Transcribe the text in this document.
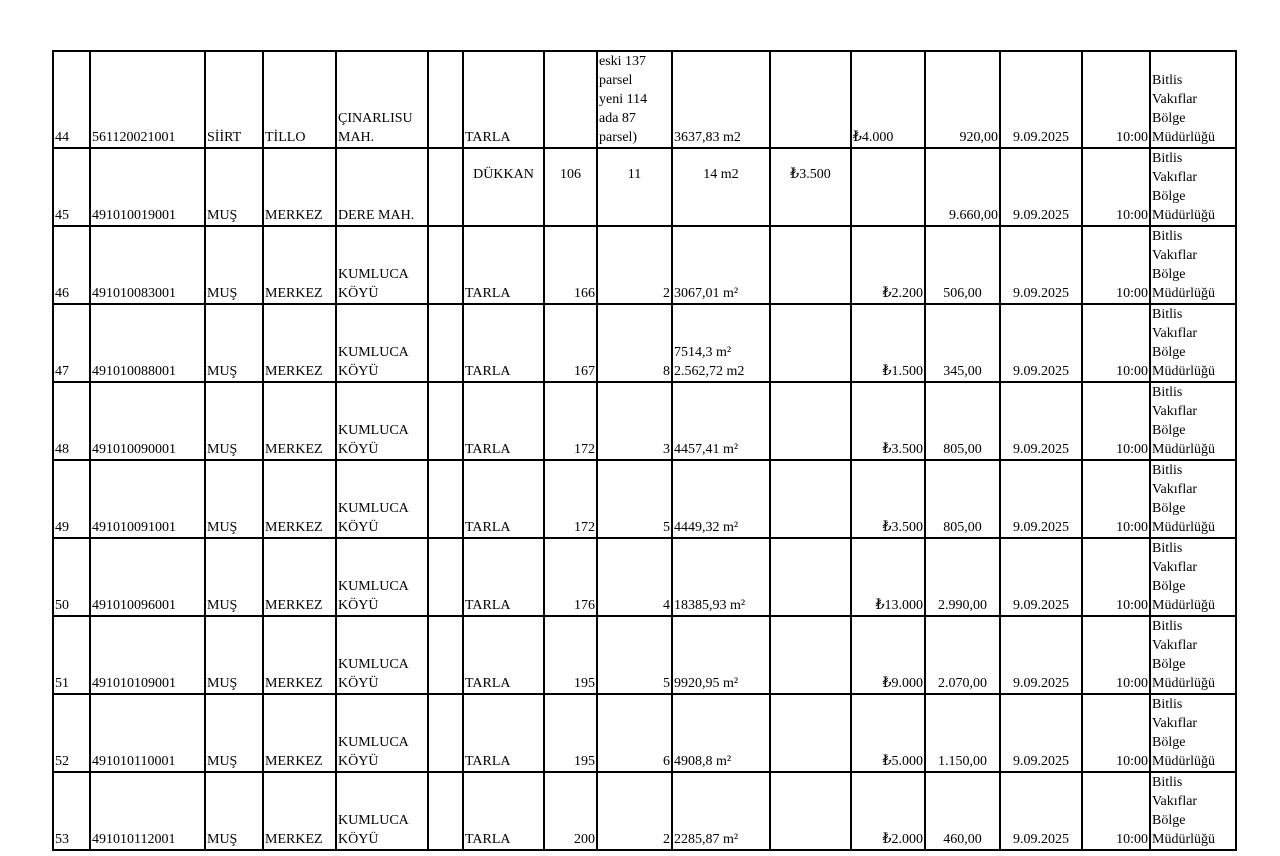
44	561120021001	SİİRT	TİLLO	ÇINARLISU
MAH.		TARLA		eski 137
parsel
yeni 114
ada 87
parsel)	3637,83 m2		₺4.000	920,00	9.09.2025	10:00	Bitlis
Vakıflar
Bölge
Müdürlüğü

45	491010019001	MUŞ	MERKEZ	DERE MAH.		DÜKKAN	106	11	14 m2	₺3.500		9.660,00	9.09.2025	10:00	Bitlis
Vakıflar
Bölge
Müdürlüğü

46	491010083001	MUŞ	MERKEZ	KUMLUCA
KÖYÜ		TARLA	166	2	3067,01 m²		₺2.200	506,00	9.09.2025	10:00	Bitlis
Vakıflar
Bölge
Müdürlüğü

47	491010088001	MUŞ	MERKEZ	KUMLUCA
KÖYÜ		TARLA	167	8	7514,3 m²
2.562,72 m2		₺1.500	345,00	9.09.2025	10:00	Bitlis
Vakıflar
Bölge
Müdürlüğü

48	491010090001	MUŞ	MERKEZ	KUMLUCA
KÖYÜ		TARLA	172	3	4457,41 m²		₺3.500	805,00	9.09.2025	10:00	Bitlis
Vakıflar
Bölge
Müdürlüğü

49	491010091001	MUŞ	MERKEZ	KUMLUCA
KÖYÜ		TARLA	172	5	4449,32 m²		₺3.500	805,00	9.09.2025	10:00	Bitlis
Vakıflar
Bölge
Müdürlüğü

50	491010096001	MUŞ	MERKEZ	KUMLUCA
KÖYÜ		TARLA	176	4	18385,93 m²		₺13.000	2.990,00	9.09.2025	10:00	Bitlis
Vakıflar
Bölge
Müdürlüğü

51	491010109001	MUŞ	MERKEZ	KUMLUCA
KÖYÜ		TARLA	195	5	9920,95 m²		₺9.000	2.070,00	9.09.2025	10:00	Bitlis
Vakıflar
Bölge
Müdürlüğü

52	491010110001	MUŞ	MERKEZ	KUMLUCA
KÖYÜ		TARLA	195	6	4908,8 m²		₺5.000	1.150,00	9.09.2025	10:00	Bitlis
Vakıflar
Bölge
Müdürlüğü

53	491010112001	MUŞ	MERKEZ	KUMLUCA
KÖYÜ		TARLA	200	2	2285,87 m²		₺2.000	460,00	9.09.2025	10:00	Bitlis
Vakıflar
Bölge
Müdürlüğü
